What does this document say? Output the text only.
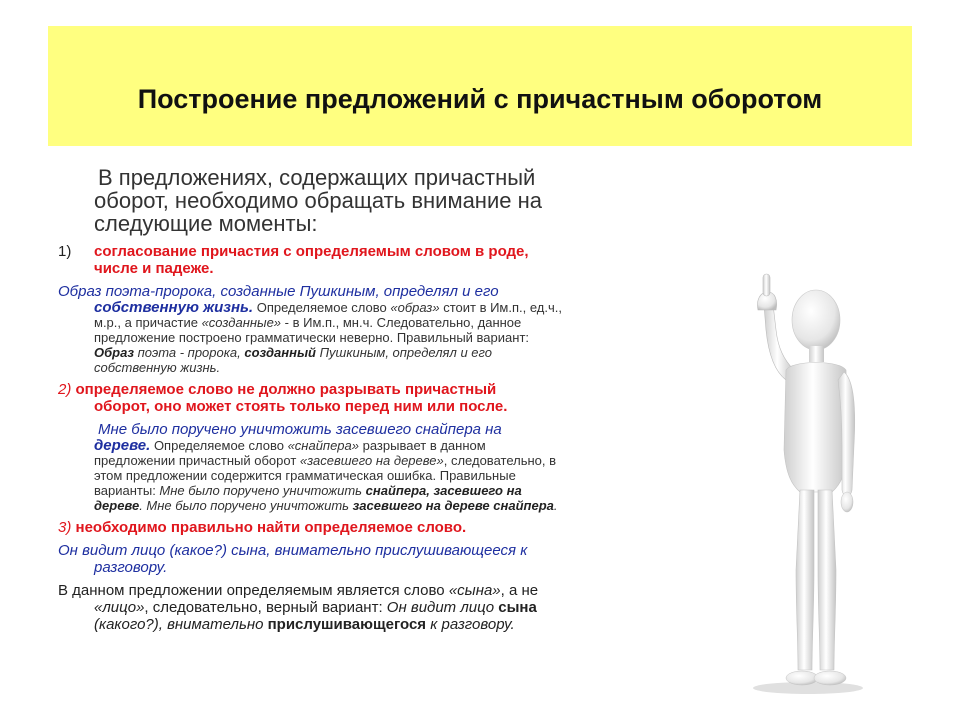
Построение предложений с причастным оборотом
В предложениях, содержащих причастный
оборот, необходимо обращать внимание на
следующие моменты:
1) согласование причастия с определяемым словом в роде,
числе и падеже.
Образ поэта-пророка, созданные Пушкиным, определял и его
собственную жизнь. Определяемое слово «образ» стоит в Им.п., ед.ч.,
м.р., а причастие «созданные» - в Им.п., мн.ч. Следовательно, данное
предложение построено грамматически неверно. Правильный вариант:
Образ поэта - пророка, созданный Пушкиным, определял и его
собственную жизнь.
2) определяемое слово не должно разрывать причастный
оборот, оно может стоять только перед ним или после.
Мне было поручено уничтожить засевшего снайпера на
дереве. Определяемое слово «снайпера» разрывает в данном
предложении причастный оборот «засевшего на дереве», следовательно, в
этом предложении содержится грамматическая ошибка. Правильные
варианты: Мне было поручено уничтожить снайпера, засевшего на
дереве. Мне было поручено уничтожить засевшего на дереве снайпера.
3) необходимо правильно найти определяемое слово.
Он видит лицо (какое?) сына, внимательно прислушивающееся к
разговору.
В данном предложении определяемым является слово «сына», а не
«лицо», следовательно, верный вариант: Он видит лицо сына
(какого?), внимательно прислушивающегося к разговору.
